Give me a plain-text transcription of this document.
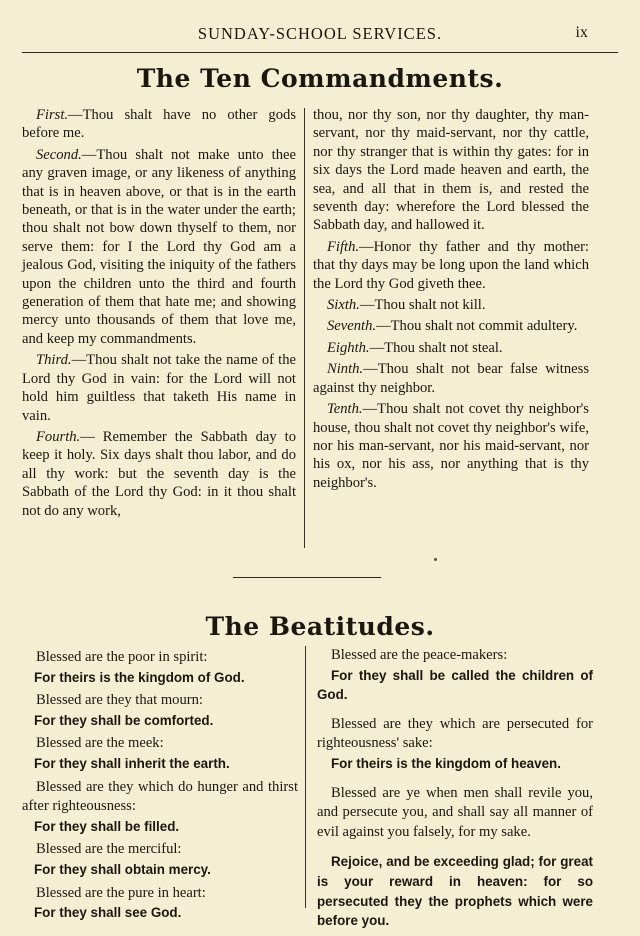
SUNDAY-SCHOOL SERVICES.	ix
The Ten Commandments.

First.—Thou shalt have no other gods before me.

Second.—Thou shalt not make unto thee any graven image, or any likeness of anything that is in heaven above, or that is in the earth beneath, or that is in the water under the earth; thou shalt not bow down thyself to them, nor serve them: for I the Lord thy God am a jealous God, visiting the iniquity of the fathers upon the children unto the third and fourth generation of them that hate me; and showing mercy unto thousands of them that love me, and keep my commandments.

Third.—Thou shalt not take the name of the Lord thy God in vain: for the Lord will not hold him guiltless that taketh His name in vain.

Fourth.— Remember the Sabbath day to keep it holy. Six days shalt thou labor, and do all thy work: but the seventh day is the Sabbath of the Lord thy God: in it thou shalt not do any work,

thou, nor thy son, nor thy daughter, thy man-servant, nor thy maid-servant, nor thy cattle, nor thy stranger that is within thy gates: for in six days the Lord made heaven and earth, the sea, and all that in them is, and rested the seventh day: wherefore the Lord blessed the Sabbath day, and hallowed it.

Fifth.—Honor thy father and thy mother: that thy days may be long upon the land which the Lord thy God giveth thee.

Sixth.—Thou shalt not kill.

Seventh.—Thou shalt not commit adultery.

Eighth.—Thou shalt not steal.

Ninth.—Thou shalt not bear false witness against thy neighbor.

Tenth.—Thou shalt not covet thy neighbor's house, thou shalt not covet thy neighbor's wife, nor his man-servant, nor his maid-servant, nor his ox, nor his ass, nor anything that is thy neighbor's.

The Beatitudes.

Blessed are the poor in spirit:

For theirs is the kingdom of God.

Blessed are they that mourn:

For they shall be comforted.

Blessed are the meek:

For they shall inherit the earth.

Blessed are they which do hunger and thirst after righteousness:

For they shall be filled.

Blessed are the merciful:

For they shall obtain mercy.

Blessed are the pure in heart:

For they shall see God.

Blessed are the peace-makers:

For they shall be called the children of God.

Blessed are they which are persecuted for righteousness' sake:

For theirs is the kingdom of heaven.

Blessed are ye when men shall revile you, and persecute you, and shall say all manner of evil against you falsely, for my sake.

Rejoice, and be exceeding glad; for great is your reward in heaven: for so persecuted they the prophets which were before you.
